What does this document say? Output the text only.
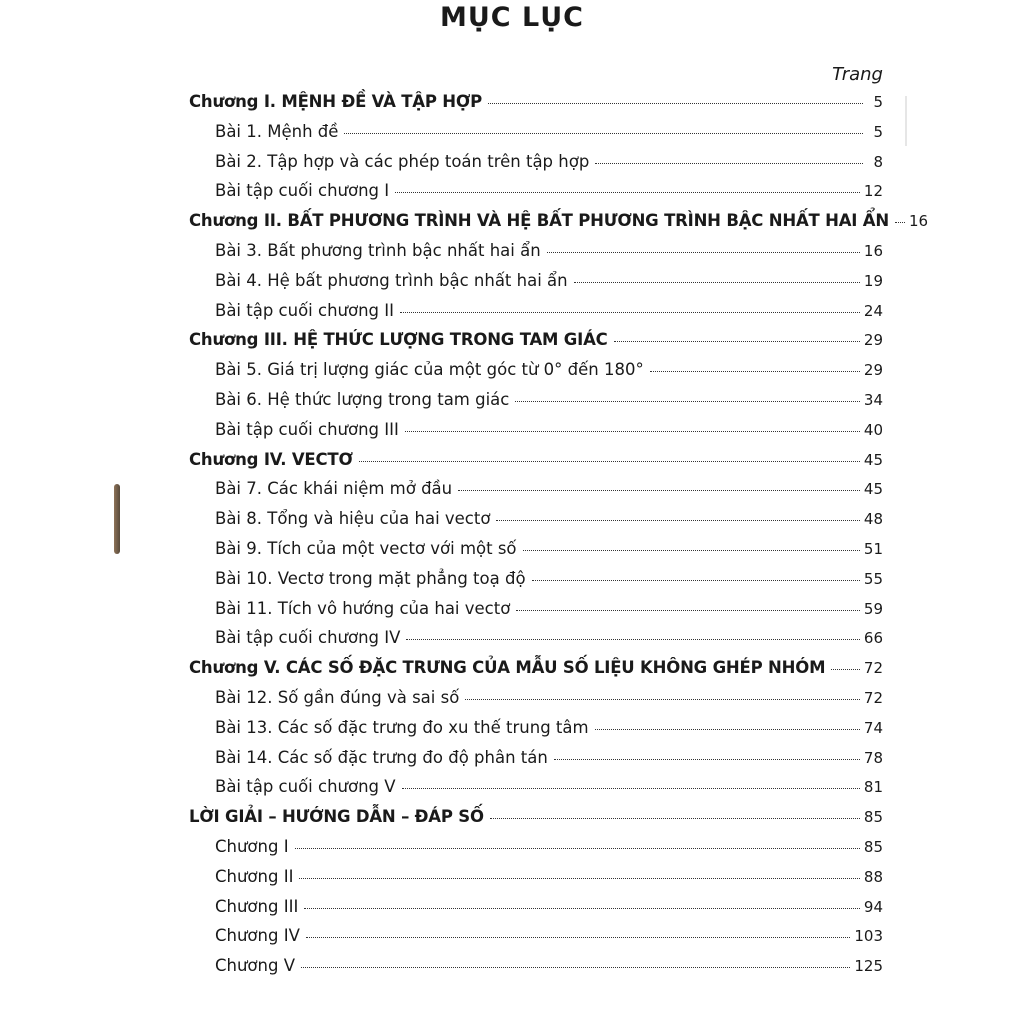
MỤC LỤC
Trang
Chương I. MỆNH ĐỀ VÀ TẬP HỢP	5
Bài 1. Mệnh đề	5
Bài 2. Tập hợp và các phép toán trên tập hợp	8
Bài tập cuối chương I	12
Chương II. BẤT PHƯƠNG TRÌNH VÀ HỆ BẤT PHƯƠNG TRÌNH BẬC NHẤT HAI ẨN 16
Bài 3. Bất phương trình bậc nhất hai ẩn	16
Bài 4. Hệ bất phương trình bậc nhất hai ẩn	19
Bài tập cuối chương II	24
Chương III. HỆ THỨC LƯỢNG TRONG TAM GIÁC	29
Bài 5. Giá trị lượng giác của một góc từ 0° đến 180°	29
Bài 6. Hệ thức lượng trong tam giác	34
Bài tập cuối chương III	40
Chương IV. VECTƠ	45
Bài 7. Các khái niệm mở đầu	45
Bài 8. Tổng và hiệu của hai vectơ	48
Bài 9. Tích của một vectơ với một số	51
Bài 10. Vectơ trong mặt phẳng toạ độ	55
Bài 11. Tích vô hướng của hai vectơ	59
Bài tập cuối chương IV	66
Chương V. CÁC SỐ ĐẶC TRƯNG CỦA MẪU SỐ LIỆU KHÔNG GHÉP NHÓM	72
Bài 12. Số gần đúng và sai số	72
Bài 13. Các số đặc trưng đo xu thế trung tâm	74
Bài 14. Các số đặc trưng đo độ phân tán	78
Bài tập cuối chương V	81
LỜI GIẢI – HƯỚNG DẪN – ĐÁP SỐ	85
Chương I	85
Chương II	88
Chương III	94
Chương IV	103
Chương V	125
